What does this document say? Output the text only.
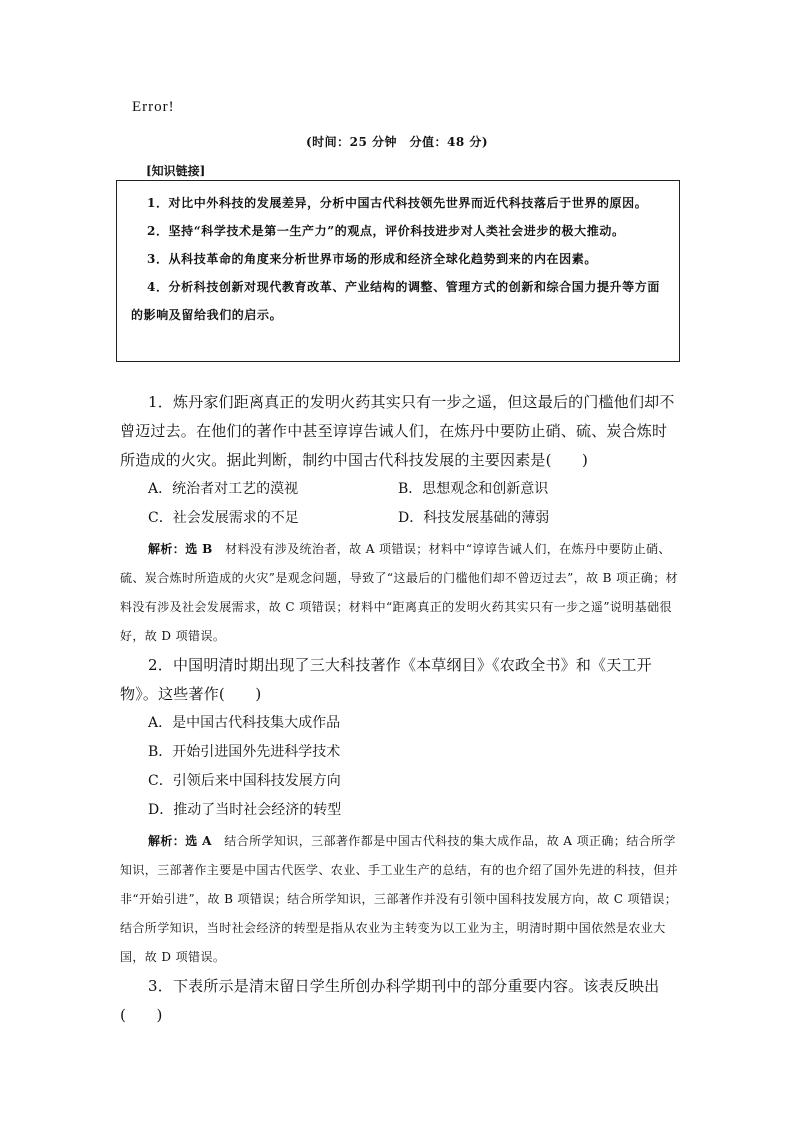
Error!
(时间：25 分钟　分值：48 分)
[知识链接]

1．对比中外科技的发展差异，分析中国古代科技领先世界而近代科技落后于世界的原因。

2．坚持“科学技术是第一生产力”的观点，评价科技进步对人类社会进步的极大推动。

3．从科技革命的角度来分析世界市场的形成和经济全球化趋势到来的内在因素。

4．分析科技创新对现代教育改革、产业结构的调整、管理方式的创新和综合国力提升等方面的影响及留给我们的启示。

1．炼丹家们距离真正的发明火药其实只有一步之遥，但这最后的门槛他们却不曾迈过去。在他们的著作中甚至谆谆告诫人们，在炼丹中要防止硝、硫、炭合炼时所造成的火灾。据此判断，制约中国古代科技发展的主要因素是(　　)

A．统治者对工艺的漠视	B．思想观念和创新意识
C．社会发展需求的不足	D．科技发展基础的薄弱

解析：选 B　材料没有涉及统治者，故 A 项错误；材料中“谆谆告诫人们，在炼丹中要防止硝、硫、炭合炼时所造成的火灾”是观念问题，导致了“这最后的门槛他们却不曾迈过去”，故 B 项正确；材料没有涉及社会发展需求，故 C 项错误；材料中“距离真正的发明火药其实只有一步之遥”说明基础很好，故 D 项错误。

2．中国明清时期出现了三大科技著作《本草纲目》《农政全书》和《天工开物》。这些著作(　　)

A．是中国古代科技集大成作品
B．开始引进国外先进科学技术
C．引领后来中国科技发展方向
D．推动了当时社会经济的转型

解析：选 A　结合所学知识，三部著作都是中国古代科技的集大成作品，故 A 项正确；结合所学知识，三部著作主要是中国古代医学、农业、手工业生产的总结，有的也介绍了国外先进的科技，但并非“开始引进”，故 B 项错误；结合所学知识，三部著作并没有引领中国科技发展方向，故 C 项错误；结合所学知识，当时社会经济的转型是指从农业为主转变为以工业为主，明清时期中国依然是农业大国，故 D 项错误。

3．下表所示是清末留日学生所创办科学期刊中的部分重要内容。该表反映出(　　)
